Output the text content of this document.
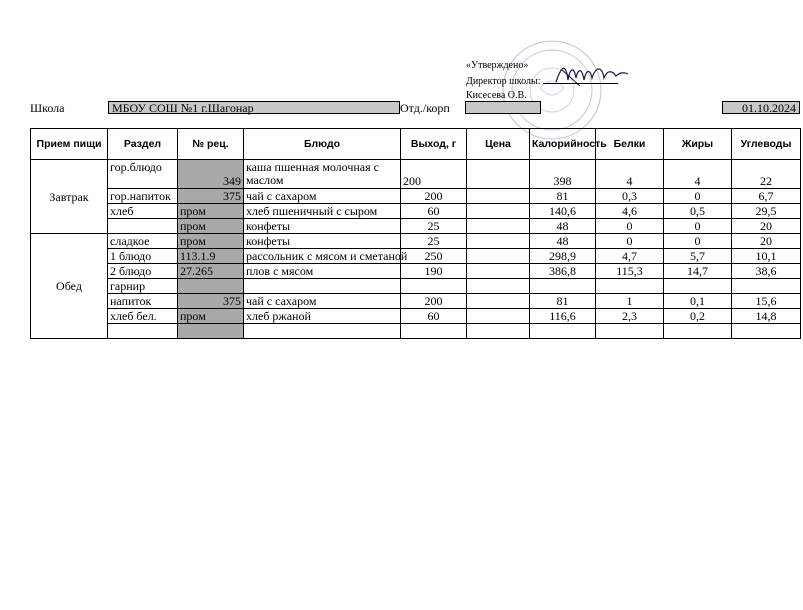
«Утверждено»
Директор школы:
Кисесева О.В.
Школа	МБОУ СОШ №1 г.Шагонар	Отд./корп	01.10.2024
Прием пищи	Раздел	№ рец.	Блюдо	Выход, г	Цена	Калорийность	Белки	Жиры	Углеводы
Завтрак	гор.блюдо	349	каша пшенная молочная с маслом	200		398	4	4	22
	гор.напиток	375	чай с сахаром	200		81	0,3	0	6,7
	хлеб	пром	хлеб пшеничный с сыром	60		140,6	4,6	0,5	29,5
		пром	конфеты	25		48	0	0	20
Обед	сладкое	пром	конфеты	25		48	0	0	20
	1 блюдо	113.1.9	рассольник с мясом и сметаной	250		298,9	4,7	5,7	10,1
	2 блюдо	27.265	плов с мясом	190		386,8	115,3	14,7	38,6
	гарнир								
	напиток	375	чай с сахаром	200		81	1	0,1	15,6
	хлеб бел.	пром	хлеб ржаной	60		116,6	2,3	0,2	14,8
